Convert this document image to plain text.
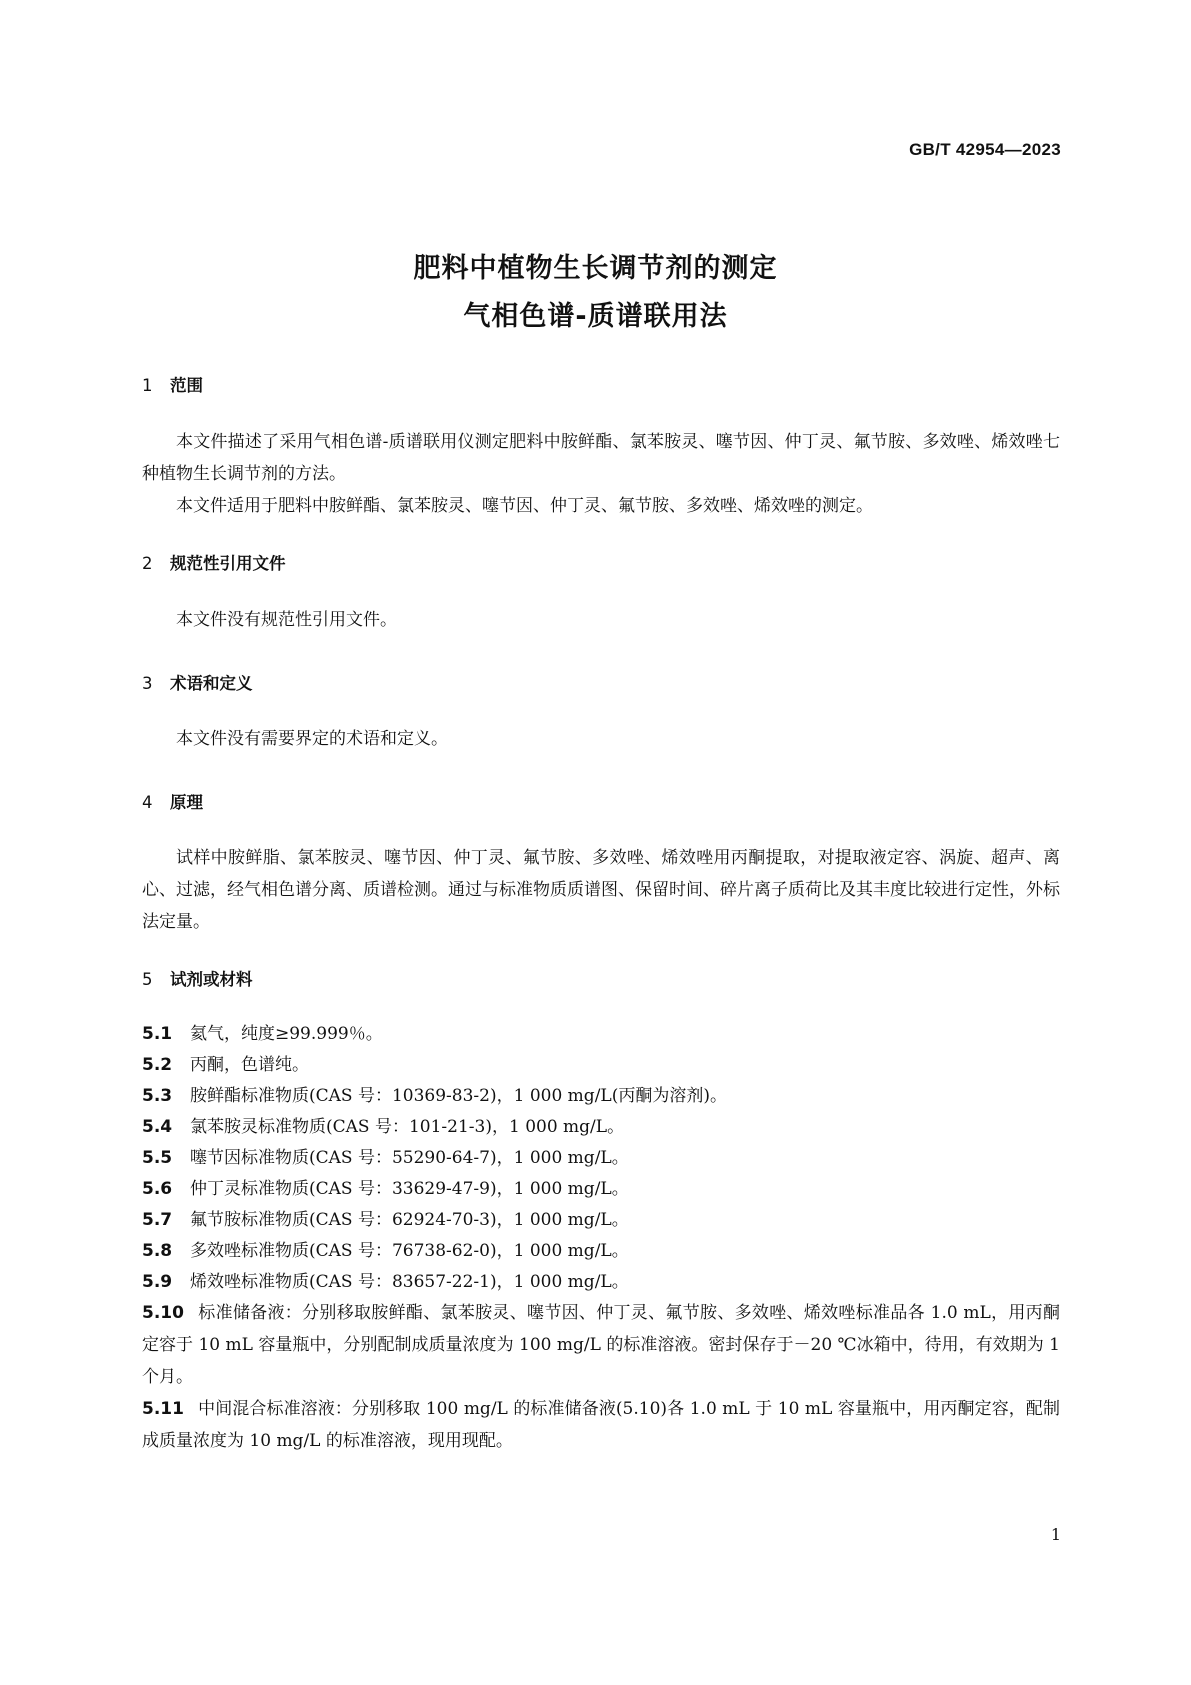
GB/T 42954—2023
肥料中植物生长调节剂的测定
气相色谱-质谱联用法
1 范围
本文件描述了采用气相色谱-质谱联用仪测定肥料中胺鲜酯、氯苯胺灵、噻节因、仲丁灵、氟节胺、多效唑、烯效唑七种植物生长调节剂的方法。
本文件适用于肥料中胺鲜酯、氯苯胺灵、噻节因、仲丁灵、氟节胺、多效唑、烯效唑的测定。
2 规范性引用文件
本文件没有规范性引用文件。
3 术语和定义
本文件没有需要界定的术语和定义。
4 原理
试样中胺鲜脂、氯苯胺灵、噻节因、仲丁灵、氟节胺、多效唑、烯效唑用丙酮提取，对提取液定容、涡旋、超声、离心、过滤，经气相色谱分离、质谱检测。通过与标准物质质谱图、保留时间、碎片离子质荷比及其丰度比较进行定性，外标法定量。
5 试剂或材料
5.1 氦气，纯度≥99.999％。
5.2 丙酮，色谱纯。
5.3 胺鲜酯标准物质(CAS 号：10369-83-2)，1 000 mg/L(丙酮为溶剂)。
5.4 氯苯胺灵标准物质(CAS 号：101-21-3)，1 000 mg/L。
5.5 噻节因标准物质(CAS 号：55290-64-7)，1 000 mg/L。
5.6 仲丁灵标准物质(CAS 号：33629-47-9)，1 000 mg/L。
5.7 氟节胺标准物质(CAS 号：62924-70-3)，1 000 mg/L。
5.8 多效唑标准物质(CAS 号：76738-62-0)，1 000 mg/L。
5.9 烯效唑标准物质(CAS 号：83657-22-1)，1 000 mg/L。
5.10 标准储备液：分别移取胺鲜酯、氯苯胺灵、噻节因、仲丁灵、氟节胺、多效唑、烯效唑标准品各 1.0 mL，用丙酮定容于 10 mL 容量瓶中，分别配制成质量浓度为 100 mg/L 的标准溶液。密封保存于－20 ℃冰箱中，待用，有效期为 1 个月。
5.11 中间混合标准溶液：分别移取 100 mg/L 的标准储备液(5.10)各 1.0 mL 于 10 mL 容量瓶中，用丙酮定容，配制成质量浓度为 10 mg/L 的标准溶液，现用现配。
1
